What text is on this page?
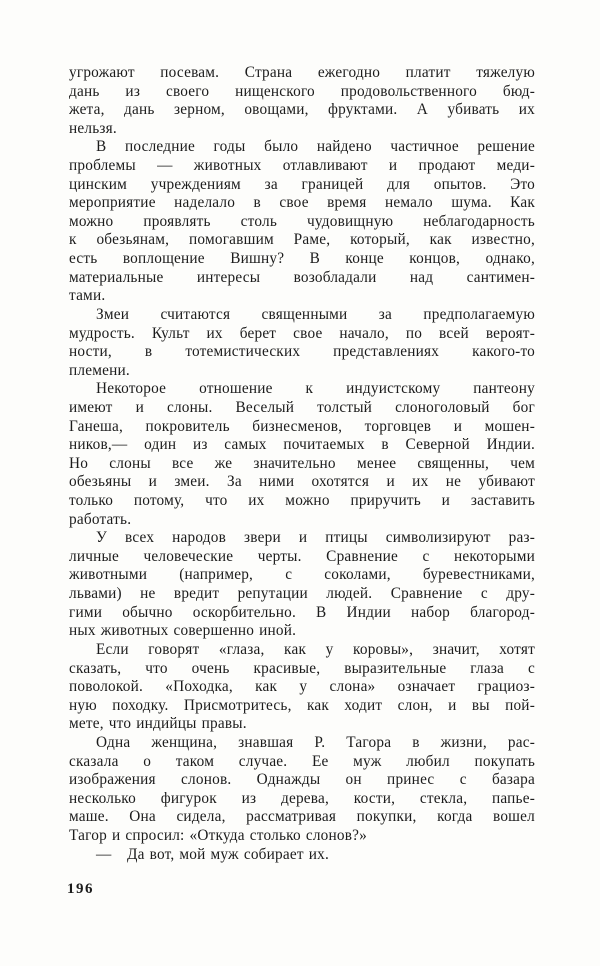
угрожают посевам. Страна ежегодно платит тяжелую
дань из своего нищенского продовольственного бюд-
жета, дань зерном, овощами, фруктами. А убивать их
нельзя.
В последние годы было найдено частичное решение
проблемы — животных отлавливают и продают меди-
цинским учреждениям за границей для опытов. Это
мероприятие наделало в свое время немало шума. Как
можно проявлять столь чудовищную неблагодарность
к обезьянам, помогавшим Раме, который, как известно,
есть воплощение Вишну? В конце концов, однако,
материальные интересы возобладали над сантимен-
тами.
Змеи считаются священными за предполагаемую
мудрость. Культ их берет свое начало, по всей вероят-
ности, в тотемистических представлениях какого-то
племени.
Некоторое отношение к индуистскому пантеону
имеют и слоны. Веселый толстый слоноголовый бог
Ганеша, покровитель бизнесменов, торговцев и мошен-
ников,— один из самых почитаемых в Северной Индии.
Но слоны все же значительно менее священны, чем
обезьяны и змеи. За ними охотятся и их не убивают
только потому, что их можно приручить и заставить
работать.
У всех народов звери и птицы символизируют раз-
личные человеческие черты. Сравнение с некоторыми
животными (например, с соколами, буревестниками,
львами) не вредит репутации людей. Сравнение с дру-
гими обычно оскорбительно. В Индии набор благород-
ных животных совершенно иной.
Если говорят «глаза, как у коровы», значит, хотят
сказать, что очень красивые, выразительные глаза с
поволокой. «Походка, как у слона» означает грациоз-
ную походку. Присмотритесь, как ходит слон, и вы пой-
мете, что индийцы правы.
Одна женщина, знавшая Р. Тагора в жизни, рас-
сказала о таком случае. Ее муж любил покупать
изображения слонов. Однажды он принес с базара
несколько фигурок из дерева, кости, стекла, папье-
маше. Она сидела, рассматривая покупки, когда вошел
Тагор и спросил: «Откуда столько слонов?»
— Да вот, мой муж собирает их.
196
